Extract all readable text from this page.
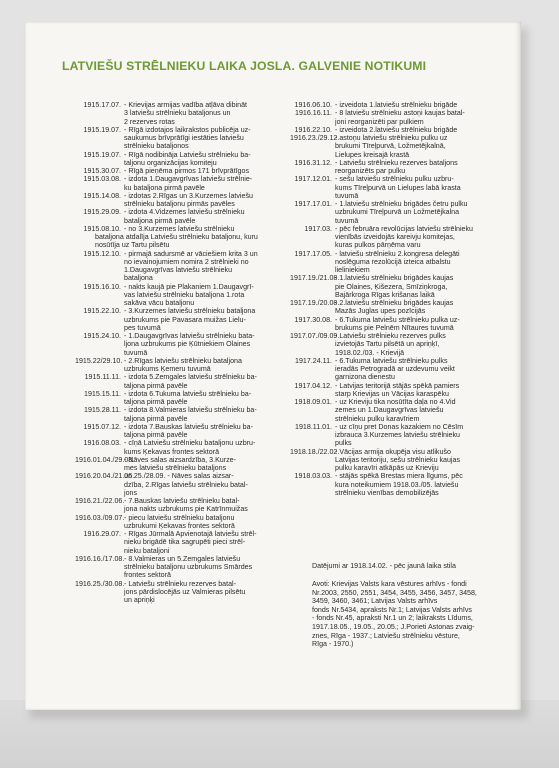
LATVIEŠU STRĒLNIEKU LAIKA JOSLA. GALVENIE NOTIKUMI
1915.17.07. - Krievijas armijas vadība atļāva dibināt
3 latviešu strēlnieku bataljonus un
2 rezerves rotas
1915.19.07. - Rīgā izdotajos laikrakstos publicēja uz-
saukumus brīvprātīgi iestāties latviešu
strēlnieku bataljonos
1915.19.07. - Rīgā nodibināja Latviešu strēlnieku ba-
taljonu organizācijas komiteju
1915.30.07. - Rīgā pieņēma pirmos 171 brīvprātīgos
1915.03.08. - izdota 1.Daugavgrīvas latviešu strēlnie-
ku bataljona pirmā pavēle
1915.14.08. - izdotas 2.Rīgas un 3.Kurzemes latviešu
strēlnieku bataljonu pirmās pavēles
1915.29.09. - izdota 4.Vidzemes latviešu strēlnieku
bataljona pirmā pavēle
1915.08.10. - no 3.Kurzemes latviešu strēlnieku
bataljona atdalīja Latviešu strēlnieku bataljonu, kuru
nosūtīja uz Tartu pilsētu
1915.12.10. - pirmajā sadursmē ar vāciešiem krita 3 un
no ievainojumiem nomira 2 strēlnieki no
1.Daugavgrīvas latviešu strēlnieku
bataljona
1915.16.10. - nakts kaujā pie Plakaniem 1.Daugavgrī-
vas latviešu strēlnieku bataljona 1.rota
sakāva vācu bataljonu
1915.22.10. - 3.Kurzemes latviešu strēlnieku bataljona
uzbrukums pie Pavasara muižas Lielu-
pes tuvumā
1915.24.10. - 1.Daugavgrīvas latviešu strēlnieku bata-
ljona uzbrukums pie Ķūtniekiem Olaines
tuvumā
1915.22/29.10. - 2.Rīgas latviešu strēlnieku bataljona
uzbrukums Ķemeru tuvumā
1915.11.11. - izdota 5.Zemgales latviešu strēlnieku ba-
taljona pirmā pavēle
1915.15.11. - izdota 6.Tukuma latviešu strēlnieku ba-
taljona pirmā pavēle
1915.28.11. - izdota 8.Valmieras latviešu strēlnieku ba-
taljona pirmā pavēle
1915.07.12. - izdota 7.Bauskas latviešu strēlnieku ba-
taljona pirmā pavēle
1916.08.03. - cīņā Latviešu strēlnieku bataljonu uzbru-
kums Ķekavas frontes sektorā
1916.01.04./29.08.
- Nāves salas aizsardzība, 3.Kurze-
mes latviešu strēlnieku bataljons
1916.20.04./21.06.
un 25./28.09. - Nāves salas aizsar-
dzība, 2.Rīgas latviešu strēlnieku batal-
jons
1916.21./22.06. - 7.Bauskas latviešu strēlnieku batal-
jona nakts uzbrukums pie Katrīnmuižas
1916.03./09.07. - piecu latviešu strēlnieku bataljonu
uzbrukumi Ķekavas frontes sektorā
1916.29.07. - Rīgas Jūrmalā Apvienotajā latviešu strēl-
nieku brigādē tika sagrupēti pieci strēl-
nieku bataljoni
1916.16./17.08. - 8.Valmieras un 5.Zemgales latviešu
strēlnieku bataljonu uzbrukums Smārdes
frontes sektorā
1916.25./30.08. - Latviešu strēlnieku rezerves batal-
jons pārdislocējās uz Valmieras pilsētu
un apriņķi
1916.06.10. - izveidota 1.latviešu strēlnieku brigāde
1916.16.11. - 8 latviešu strēlnieku astoņi kaujas batal-
joni reorganizēti par pulkiem
1916.22.10. - izveidota 2.latviešu strēlnieku brigāde
1916.23./29.12.
- astoņu latviešu strēlnieku pulku uz
brukumi Tīreļpurvā, Ložmetējkalnā,
Lielupes kreisajā krastā
1916.31.12. - Latviešu strēlnieku rezerves bataljons
reorganizēts par pulku
1917.12.01. - sešu latviešu strēlnieku pulku uzbru-
kums Tīreļpurvā un Lielupes labā krasta
tuvumā
1917.17.01. - 1.latviešu strēlnieku brigādes četru pulku
uzbrukumi Tīreļpurvā un Ložmetējkalna
tuvumā
1917.03. - pēc februāra revolūcijas latviešu strēlnieku
vienībās izveidojās kareivju komitejas,
kuras pulkos pārņēma varu
1917.17.05. - latviešu strēlnieku 2.kongresa delegāti
noslēguma rezolūcijā izteica atbalstu
lieliniekiem
1917.19./21.08.
- 1.latviešu strēlnieku brigādes kaujas
pie Olaines, Ķišezera, Smīziņkroga,
Bajārkroga Rīgas krišanas laikā
1917.19./20.08.
- 2.latviešu strēlnieku brigādes kaujas
Mazās Juglas upes pozīcijās
1917.30.08. - 6.Tukuma latviešu strēlnieku pulka uz-
brukums pie Pelnēm Nītaures tuvumā
1917.07./09.09.
- Latviešu strēlnieku rezerves pulks
izvietojās Tartu pilsētā un apriņķī,
1918.02./03. - Krievijā
1917.24.11. - 6.Tukuma latviešu strēlnieku pulks
ieradās Petrogradā ar uzdevumu veikt
garnizona dienestu
1917.04.12. - Latvijas teritorijā stājās spēkā pamiers
starp Krievijas un Vācijas karaspēku
1918.09.01. - uz Krieviju tika nosūtīta daļa no 4.Vid
zemes un 1.Daugavgrīvas latviešu
strēlnieku pulku karavīriem
1918.11.01. - uz cīņu pret Donas kazakiem no Cēsīm
izbrauca 3.Kurzemes latviešu strēlnieku
pulks
1918.18./22.02.
- Vācijas armija okupēja visu atlikušo
Latvijas teritoriju, sešu strēlnieku kaujas
pulku karavīri atkāpās uz Krieviju
1918.03.03. - stājās spēkā Brestas miera līgums, pēc
kura noteikumiem 1918.03./05. latviešu
strēlnieku vienības demobilizējās
Datējumi ar 1918.14.02. - pēc jaunā laika stila
Avoti: Krievijas Valsts kara vēstures arhīvs - fondi
Nr.2003, 2550, 2551, 3454, 3455, 3456, 3457, 3458,
3459, 3460, 3461; Latvijas Valsts arhīvs
fonds Nr.5434, apraksts Nr.1; Latvijas Valsts arhīvs
- fonds Nr.45, apraksti Nr.1 un 2; laikraksts Līdums,
1917.18.05., 19.05., 20.05.; J.Porieti Astonas zvaig-
znes, Rīga - 1937.; Latviešu strēlnieku vēsture,
Rīga - 1970.)
